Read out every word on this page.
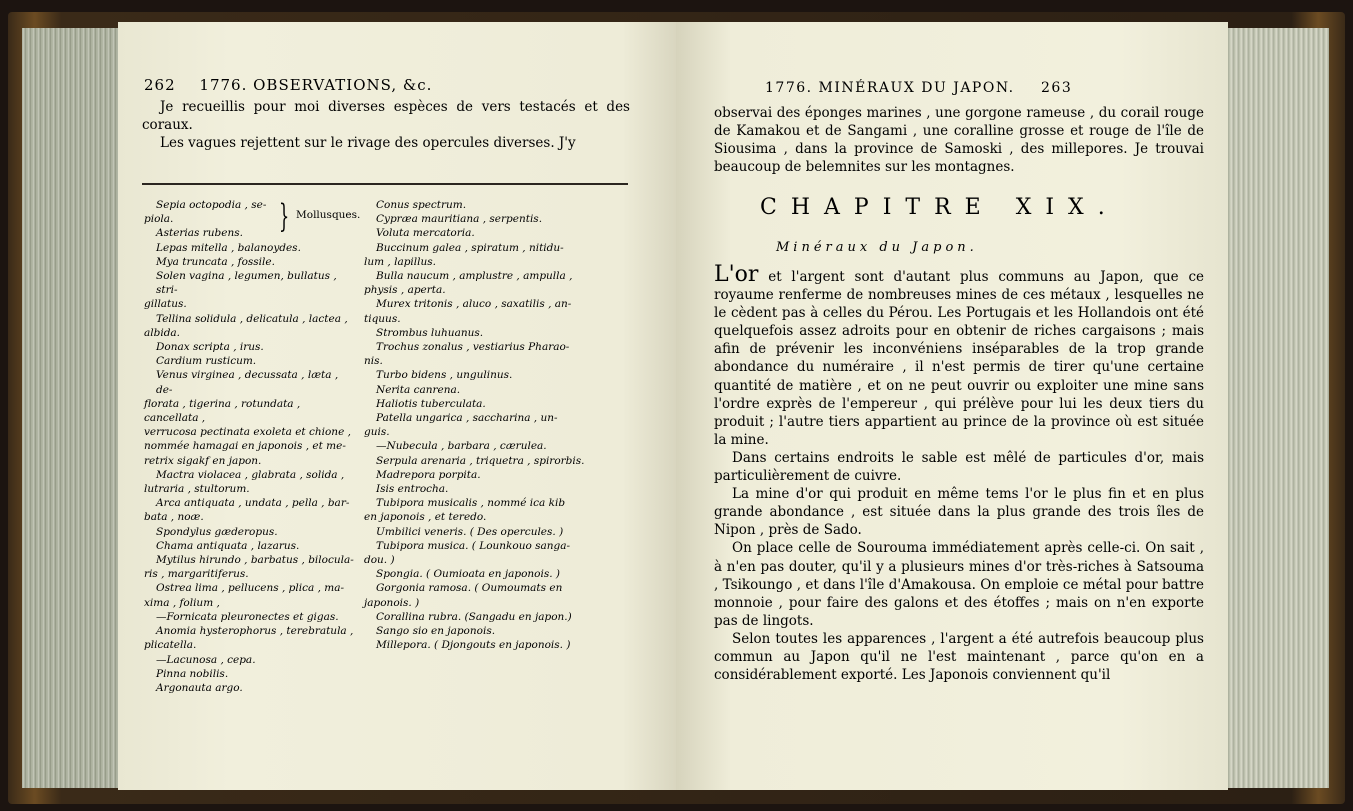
262 1776. OBSERVATIONS, &c.

Je recueillis pour moi diverses espèces de vers testacés et des coraux.

Les vagues rejettent sur le rivage des opercules diverses. J'y

Sepia octopodia , se-
piola.
Asterias rubens.	} Mollusques.
Lepas mitella , balanoydes.
Mya truncata , fossile.
Solen vagina , legumen, bullatus , stri-
gillatus.
Tellina solidula , delicatula , lactea ,
albida.
Donax scripta , irus.
Cardium rusticum.
Venus virginea , decussata , læta , de-
florata , tigerina , rotundata , cancellata ,
verrucosa pectinata exoleta et chione ,
nommée hamagai en japonois , et me-
retrix sigakf en japon.
Mactra violacea , glabrata , solida ,
lutraria , stultorum.
Arca antiquata , undata , pella , bar-
bata , noæ.
Spondylus gæderopus.
Chama antiquata , lazarus.
Mytilus hirundo , barbatus , bilocula-
ris , margaritiferus.
Ostrea lima , pellucens , plica , ma-
xima , folium ,
—Fornicata pleuronectes et gigas.
Anomia hysterophorus , terebratula ,
plicatella.
—Lacunosa , cepa.
Pinna nobilis.
Argonauta argo.
Conus spectrum.
Cypræa mauritiana , serpentis.
Voluta mercatoria.
Buccinum galea , spiratum , nitidu-
lum , lapillus.
Bulla naucum , amplustre , ampulla ,
physis , aperta.
Murex tritonis , aluco , saxatilis , an-
tiquus.
Strombus luhuanus.
Trochus zonalus , vestiarius Pharao-
nis.
Turbo bidens , ungulinus.
Nerita canrena.
Haliotis tuberculata.
Patella ungarica , saccharina , un-
guis.
—Nubecula , barbara , cærulea.
Serpula arenaria , triquetra , spirorbis.
Madrepora porpita.
Isis entrocha.
Tubipora musicalis , nommé ica kib
en japonois , et teredo.
Umbilici veneris. ( Des opercules. )
Tubipora musica. ( Lounkouo sanga-
dou. )
Spongia. ( Oumioata en japonois. )
Gorgonia ramosa. ( Oumoumats en
japonois. )
Corallina rubra. (Sangadu en japon.)
Sango sio en japonois.
Millepora. ( Djongouts en japonois. )
1776. MINÉRAUX DU JAPON. 263

observai des éponges marines , une gorgone rameuse , du corail rouge de Kamakou et de Sangami , une coralline grosse et rouge de l'île de Siousima , dans la province de Samoski , des millepores. Je trouvai beaucoup de belemnites sur les montagnes.

CHAPITRE XIX.
Minéraux du Japon.

L'or et l'argent sont d'autant plus communs au Japon, que ce royaume renferme de nombreuses mines de ces métaux , lesquelles ne le cèdent pas à celles du Pérou. Les Portugais et les Hollandois ont été quelquefois assez adroits pour en obtenir de riches cargaisons ; mais afin de prévenir les inconvéniens inséparables de la trop grande abondance du numéraire , il n'est permis de tirer qu'une certaine quantité de matière , et on ne peut ouvrir ou exploiter une mine sans l'ordre exprès de l'empereur , qui prélève pour lui les deux tiers du produit ; l'autre tiers appartient au prince de la province où est située la mine.

Dans certains endroits le sable est mêlé de particules d'or, mais particulièrement de cuivre.

La mine d'or qui produit en même tems l'or le plus fin et en plus grande abondance , est située dans la plus grande des trois îles de Nipon , près de Sado.

On place celle de Sourouma immédiatement après celle-ci. On sait , à n'en pas douter, qu'il y a plusieurs mines d'or très-riches à Satsouma , Tsikoungo , et dans l'île d'Amakousa. On emploie ce métal pour battre monnoie , pour faire des galons et des étoffes ; mais on n'en exporte pas de lingots.

Selon toutes les apparences , l'argent a été autrefois beaucoup plus commun au Japon qu'il ne l'est maintenant , parce qu'on en a considérablement exporté. Les Japonois conviennent qu'il
